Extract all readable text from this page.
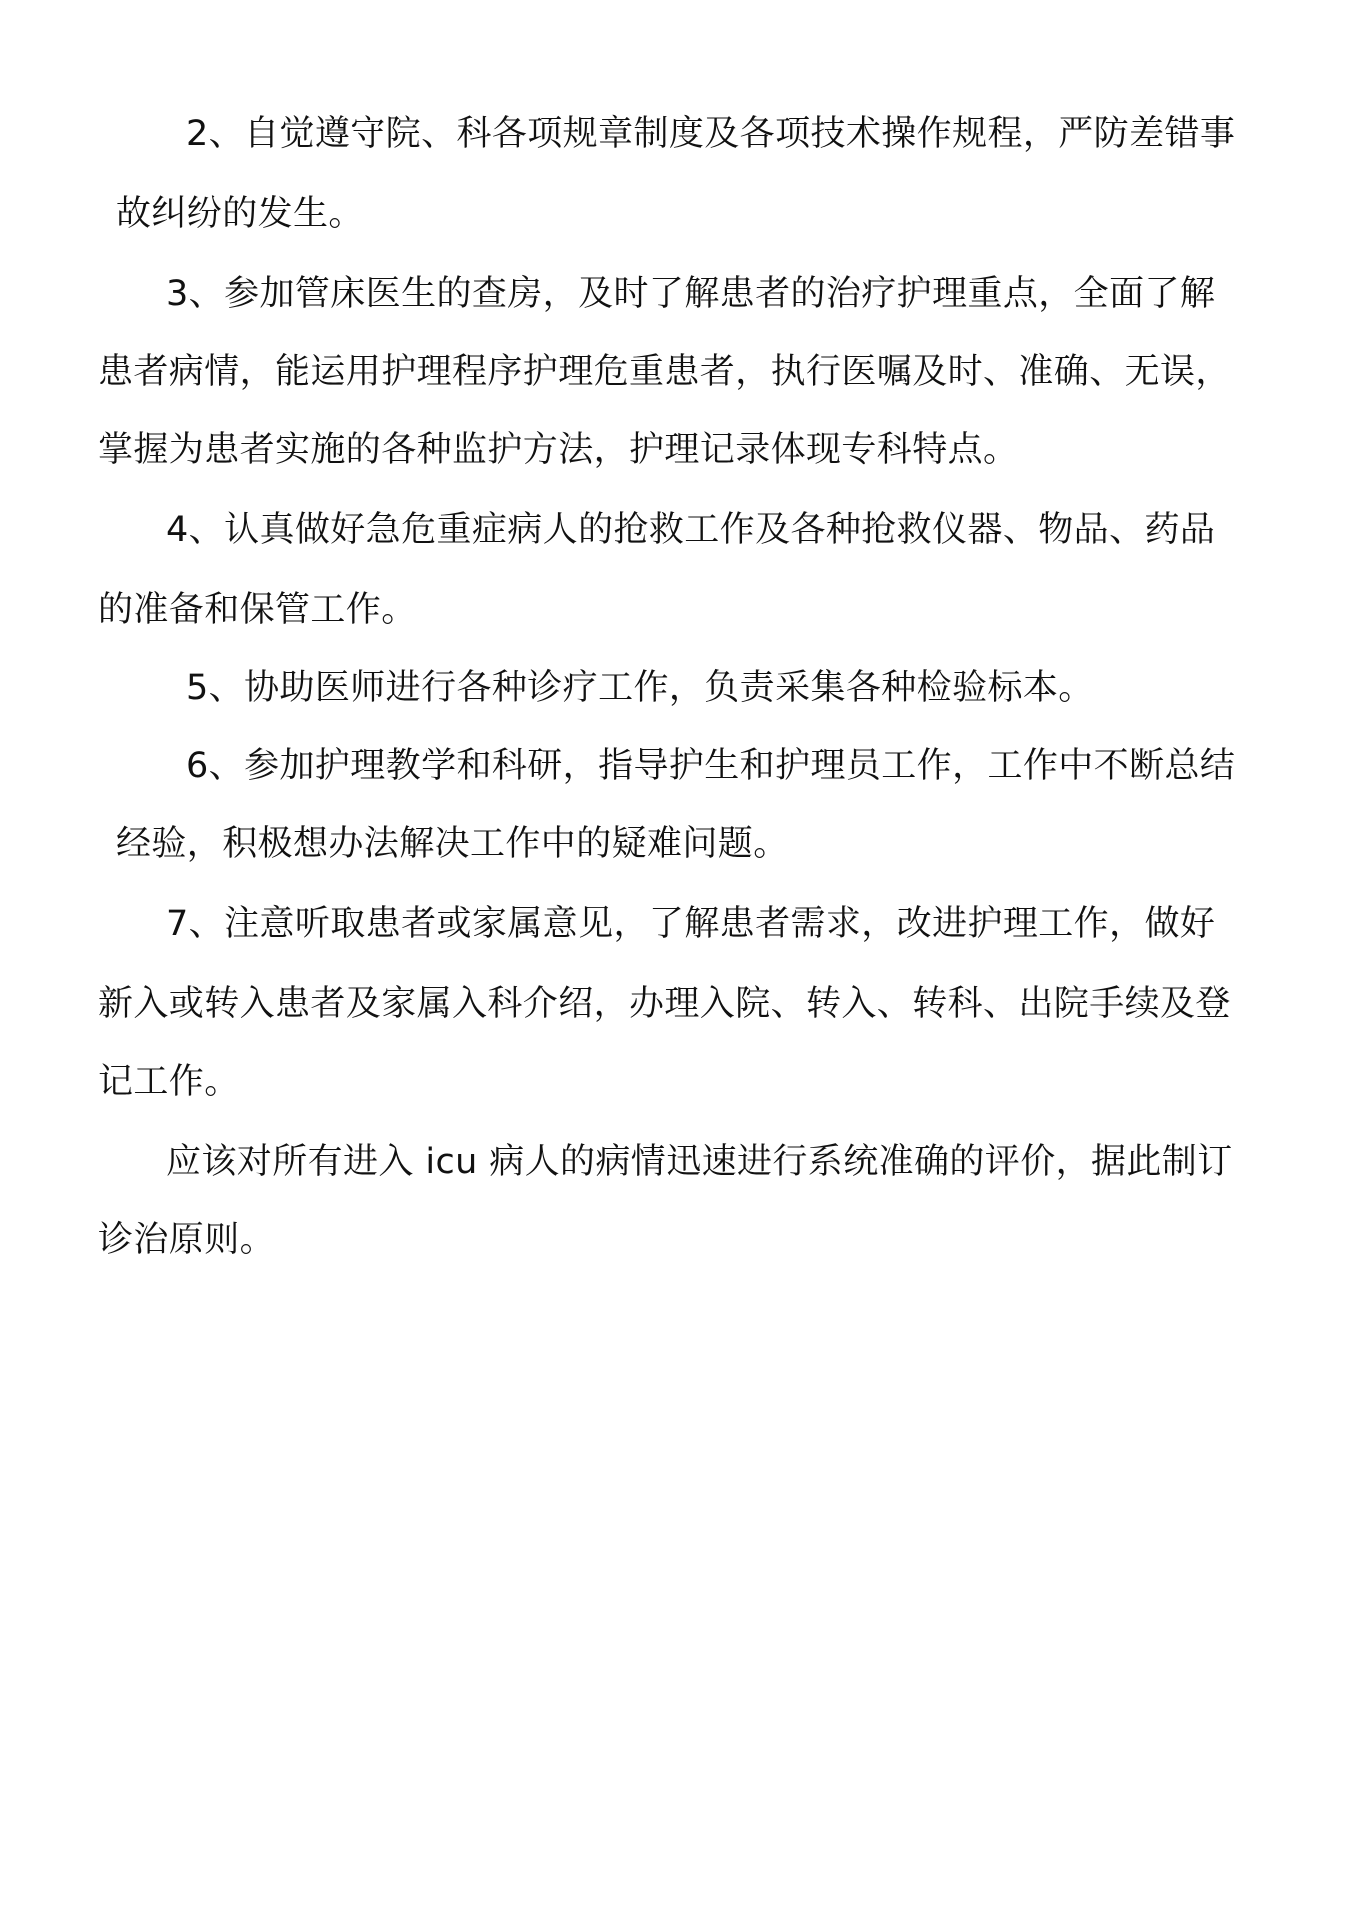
2、自觉遵守院、科各项规章制度及各项技术操作规程，严防差错事
故纠纷的发生。
3、参加管床医生的查房，及时了解患者的治疗护理重点，全面了解
患者病情，能运用护理程序护理危重患者，执行医嘱及时、准确、无误，
掌握为患者实施的各种监护方法，护理记录体现专科特点。
4、认真做好急危重症病人的抢救工作及各种抢救仪器、物品、药品
的准备和保管工作。
5、协助医师进行各种诊疗工作，负责采集各种检验标本。
6、参加护理教学和科研，指导护生和护理员工作，工作中不断总结
经验，积极想办法解决工作中的疑难问题。
7、注意听取患者或家属意见，了解患者需求，改进护理工作，做好
新入或转入患者及家属入科介绍，办理入院、转入、转科、出院手续及登
记工作。
应该对所有进入 icu 病人的病情迅速进行系统准确的评价，据此制订
诊治原则。
